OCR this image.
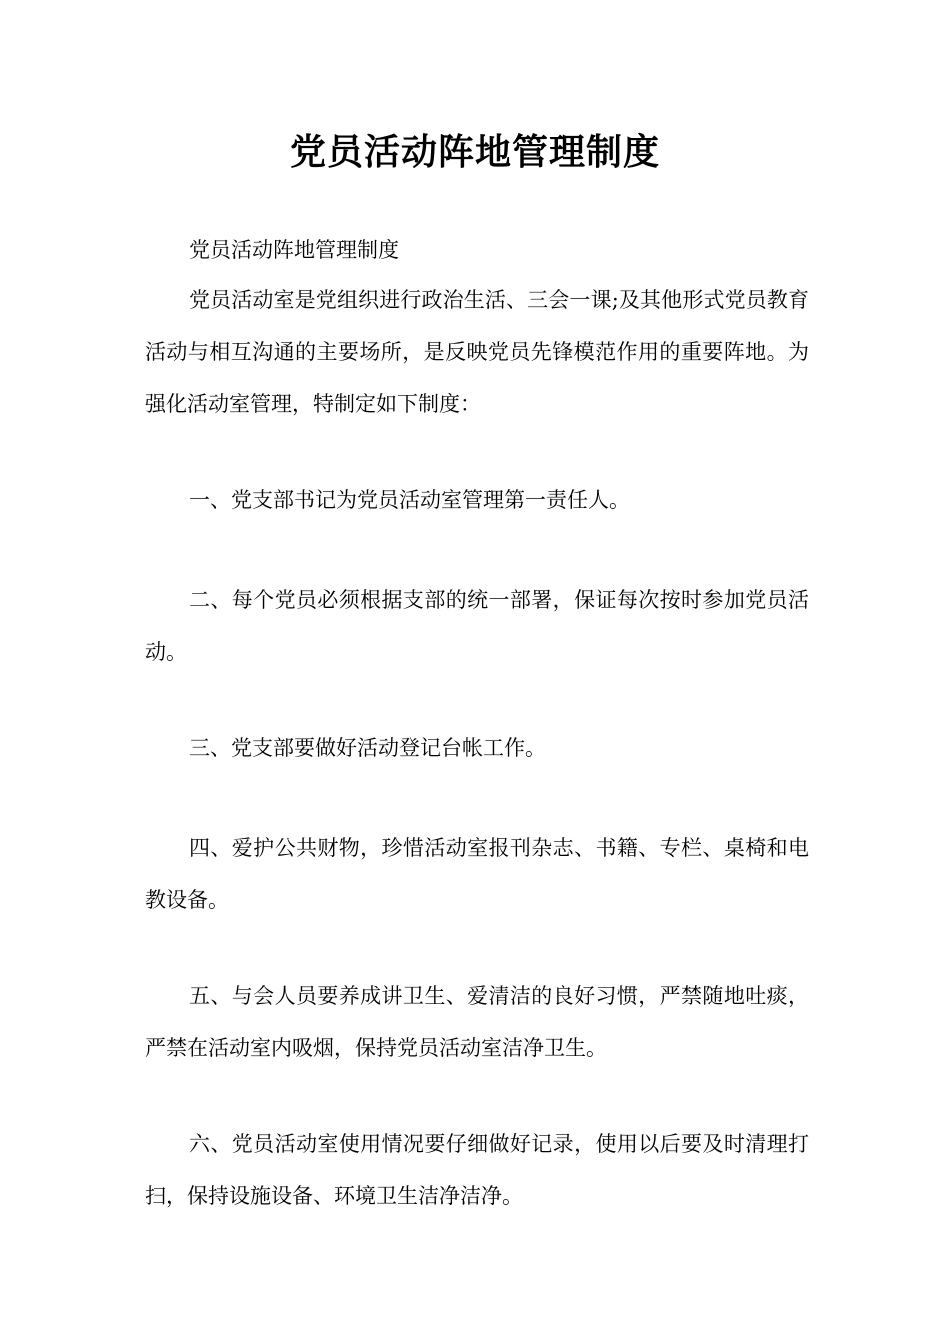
党员活动阵地管理制度

党员活动阵地管理制度

党员活动室是党组织进行政治生活、三会一课;及其他形式党员教育活动与相互沟通的主要场所，是反映党员先锋模范作用的重要阵地。为强化活动室管理，特制定如下制度：

一、党支部书记为党员活动室管理第一责任人。

二、每个党员必须根据支部的统一部署，保证每次按时参加党员活动。

三、党支部要做好活动登记台帐工作。

四、爱护公共财物，珍惜活动室报刊杂志、书籍、专栏、桌椅和电教设备。

五、与会人员要养成讲卫生、爱清洁的良好习惯，严禁随地吐痰，严禁在活动室内吸烟，保持党员活动室洁净卫生。

六、党员活动室使用情况要仔细做好记录，使用以后要及时清理打扫，保持设施设备、环境卫生洁净洁净。
